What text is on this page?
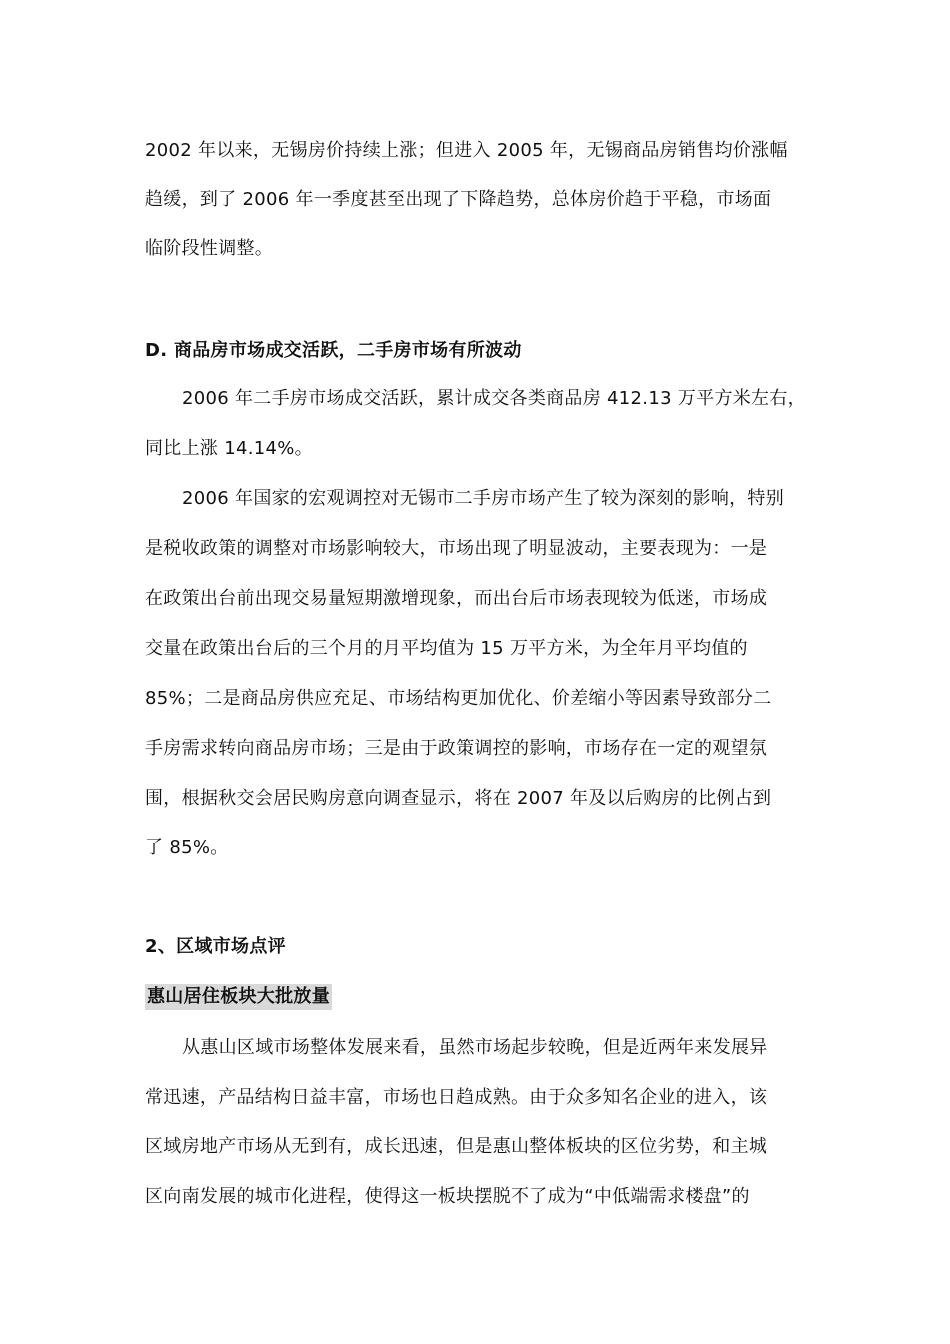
2002 年以来，无锡房价持续上涨；但进入 2005 年，无锡商品房销售均价涨幅
趋缓，到了 2006 年一季度甚至出现了下降趋势，总体房价趋于平稳，市场面
临阶段性调整。
D. 商品房市场成交活跃，二手房市场有所波动
2006 年二手房市场成交活跃，累计成交各类商品房 412.13 万平方米左右，
同比上涨 14.14%。
2006 年国家的宏观调控对无锡市二手房市场产生了较为深刻的影响，特别
是税收政策的调整对市场影响较大，市场出现了明显波动，主要表现为：一是
在政策出台前出现交易量短期激增现象，而出台后市场表现较为低迷，市场成
交量在政策出台后的三个月的月平均值为 15 万平方米，为全年月平均值的
85%；二是商品房供应充足、市场结构更加优化、价差缩小等因素导致部分二
手房需求转向商品房市场；三是由于政策调控的影响，市场存在一定的观望氛
围，根据秋交会居民购房意向调查显示，将在 2007 年及以后购房的比例占到
了 85%。
2、区域市场点评
惠山居住板块大批放量
从惠山区域市场整体发展来看，虽然市场起步较晚，但是近两年来发展异
常迅速，产品结构日益丰富，市场也日趋成熟。由于众多知名企业的进入，该
区域房地产市场从无到有，成长迅速，但是惠山整体板块的区位劣势，和主城
区向南发展的城市化进程，使得这一板块摆脱不了成为“中低端需求楼盘”的
